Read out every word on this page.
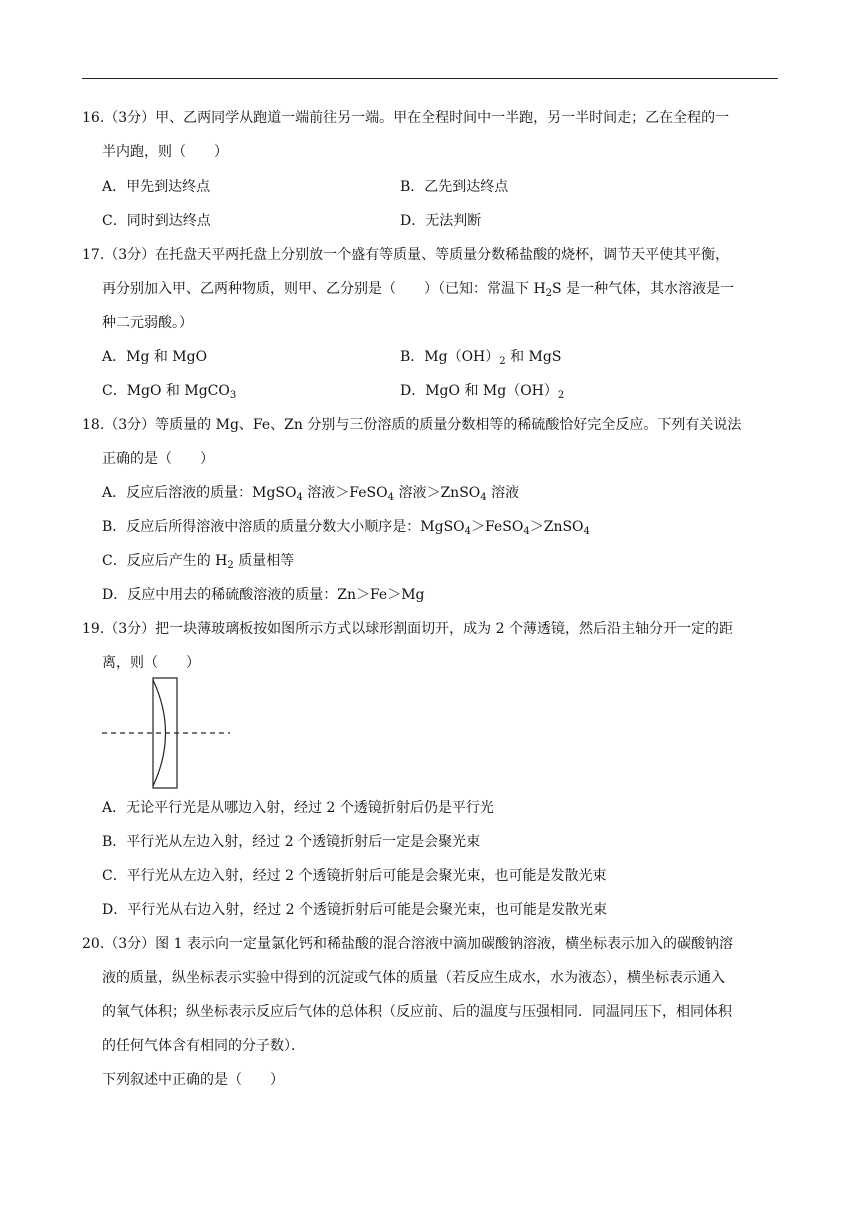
16.（3分）甲、乙两同学从跑道一端前往另一端。甲在全程时间中一半跑，另一半时间走；乙在全程的一
半内跑，则（　　）
A．甲先到达终点	B．乙先到达终点
C．同时到达终点	D．无法判断
17.（3分）在托盘天平两托盘上分别放一个盛有等质量、等质量分数稀盐酸的烧杯，调节天平使其平衡，
再分别加入甲、乙两种物质，则甲、乙分别是（　　）（已知：常温下 $H_2S$ 是一种气体，其水溶液是一
种二元弱酸。）
A．Mg 和 MgO	B．$Mg(OH)_2$ 和 MgS
C．MgO 和 MgCO$_3$	D．MgO 和 $Mg(OH)_2$
18.（3分）等质量的 Mg、Fe、Zn 分别与三份溶质的质量分数相等的稀硫酸恰好完全反应。下列有关说法
正确的是（　　）
A．反应后溶液的质量：MgSO$_4$ 溶液＞FeSO$_4$ 溶液＞ZnSO$_4$ 溶液
B．反应后所得溶液中溶质的质量分数大小顺序是：MgSO$_4$＞FeSO$_4$＞ZnSO$_4$
C．反应后产生的 $H_2$ 质量相等
D．反应中用去的稀硫酸溶液的质量：Zn＞Fe＞Mg
19.（3分）把一块薄玻璃板按如图所示方式以球形割面切开，成为 2 个薄透镜，然后沿主轴分开一定的距
离，则（　　）
A．无论平行光是从哪边入射，经过 2 个透镜折射后仍是平行光
B．平行光从左边入射，经过 2 个透镜折射后一定是会聚光束
C．平行光从左边入射，经过 2 个透镜折射后可能是会聚光束，也可能是发散光束
D．平行光从右边入射，经过 2 个透镜折射后可能是会聚光束，也可能是发散光束
20.（3分）图 1 表示向一定量氯化钙和稀盐酸的混合溶液中滴加碳酸钠溶液，横坐标表示加入的碳酸钠溶
液的质量，纵坐标表示实验中得到的沉淀或气体的质量（若反应生成水，水为液态），横坐标表示通入
的氧气体积；纵坐标表示反应后气体的总体积（反应前、后的温度与压强相同．同温同压下，相同体积
的任何气体含有相同的分子数）．
下列叙述中正确的是（　　）
